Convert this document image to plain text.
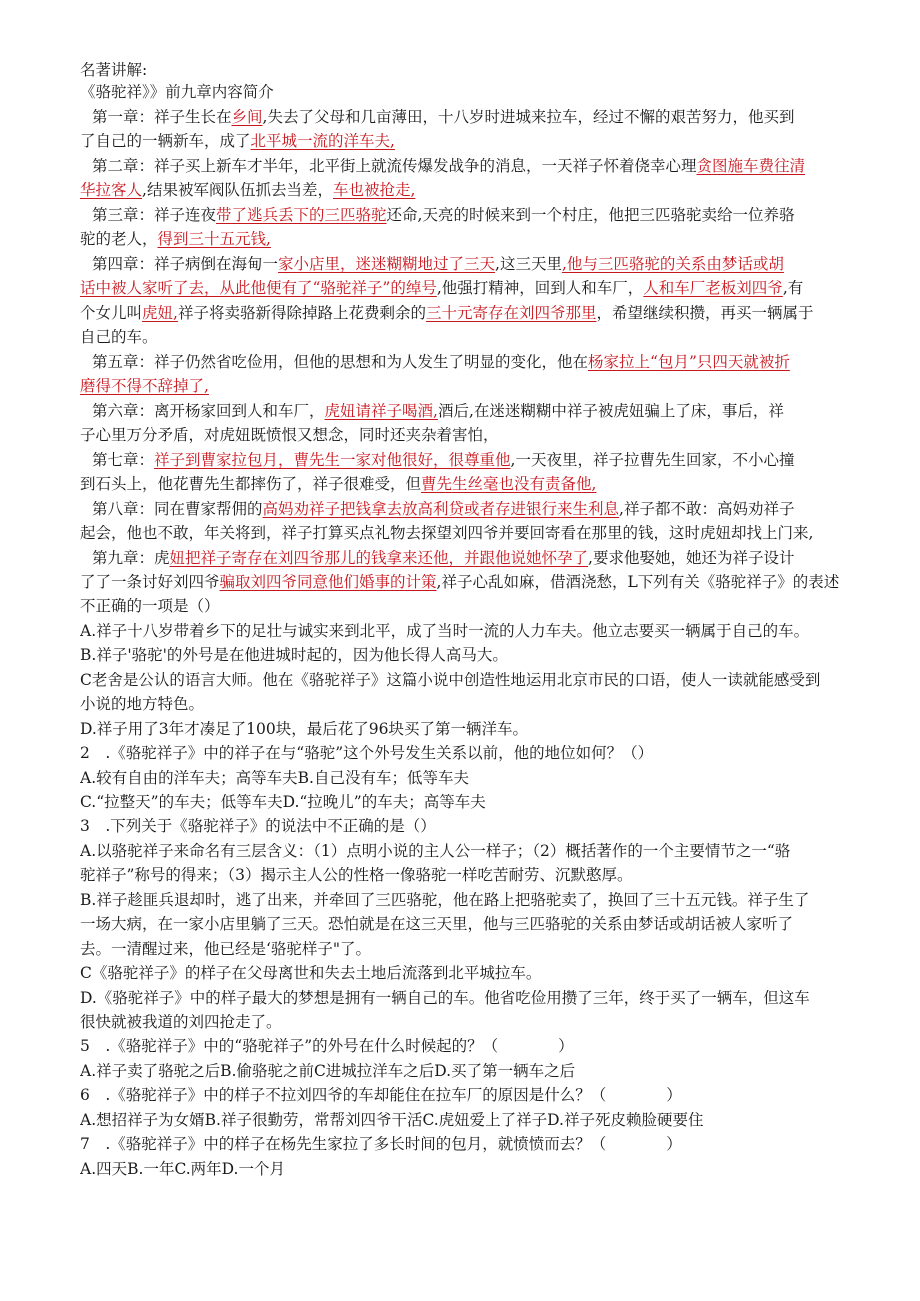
名著讲解:
《骆驼祥》》前九章内容简介
第一章：祥子生长在乡间,失去了父母和几亩薄田，十八岁时进城来拉车，经过不懈的艰苦努力，他买到
了自己的一辆新车，成了北平城一流的洋车夫,
第二章：祥子买上新车才半年，北平街上就流传爆发战争的消息，一天祥子怀着侥幸心理贪图施车费往清
华拉客人,结果被军阀队伍抓去当差，车也被抢走,
第三章：祥子连夜带了逃兵丢下的三匹骆驼还命,天亮的时候来到一个村庄，他把三匹骆驼卖给一位养骆
驼的老人，得到三十五元钱,
第四章：祥子病倒在海甸一家小店里，迷迷糊糊地过了三天,这三天里,他与三匹骆驼的关系由梦话或胡
话中被人家听了去，从此他便有了“骆驼祥子”的绰号,他强打精神，回到人和车厂，人和车厂老板刘四爷,有
个女儿叫虎妞,祥子将卖骆新得除掉路上花费剩余的三十元寄存在刘四爷那里，希望继续积攒，再买一辆属于
自己的车。
第五章：祥子仍然省吃俭用，但他的思想和为人发生了明显的变化，他在杨家拉上“包月”只四天就被折
磨得不得不辞掉了,
第六章：离开杨家回到人和车厂，虎妞请祥子喝酒,酒后,在迷迷糊糊中祥子被虎妞骗上了床，事后，祥
子心里万分矛盾，对虎妞既愤恨又想念，同时还夹杂着害怕，
第七章：祥子到曹家拉包月，曹先生一家对他很好，很尊重他,一天夜里，祥子拉曹先生回家，不小心撞
到石头上，他花曹先生都摔伤了，祥子很难受，但曹先生丝毫也没有责备他,
第八章：同在曹家帮佣的高妈劝祥子把钱拿去放高利贷或者存进银行来生利息,祥子都不敢：高妈劝祥子
起会，他也不敢，年关将到，祥子打算买点礼物去探望刘四爷并要回寄看在那里的钱，这时虎妞却找上门来,
第九章：虎妞把祥子寄存在刘四爷那儿的钱拿来还他，并跟他说她怀孕了,要求他娶她，她还为祥子设计
了了一条讨好刘四爷骗取刘四爷同意他们婚事的计策,祥子心乱如麻，借酒浇愁，L下列有关《骆驼祥子》的表述
不正确的一项是（）
A.祥子十八岁带着乡下的足壮与诚实来到北平，成了当时一流的人力车夫。他立志要买一辆属于自己的车。
B.祥子'骆驼'的外号是在他进城时起的，因为他长得人高马大。
C老舍是公认的语言大师。他在《骆驼祥子》这篇小说中创造性地运用北京市民的口语，使人一读就能感受到
小说的地方特色。
D.祥子用了3年才凑足了100块，最后花了96块买了第一辆洋车。
2　.《骆驼祥子》中的祥子在与“骆驼”这个外号发生关系以前，他的地位如何？（）
A.较有自由的洋车夫；高等车夫B.自己没有车；低等车夫
C.“拉整天”的车夫；低等车夫D.“拉晚儿”的车夫；高等车夫
3　.下列关于《骆驼祥子》的说法中不正确的是（）
A.以骆驼祥子来命名有三层含义：（1）点明小说的主人公一样子；（2）概括著作的一个主要情节之一“骆
驼祥子”称号的得来；（3）揭示主人公的性格一像骆驼一样吃苦耐劳、沉默憨厚。
B.祥子趁匪兵退却时，逃了出来，并牵回了三匹骆驼，他在路上把骆驼卖了，换回了三十五元钱。祥子生了
一场大病，在一家小店里躺了三天。恐怕就是在这三天里，他与三匹骆驼的关系由梦话或胡话被人家听了
去。一清醒过来，他已经是‘骆驼样子"了。
C《骆驼祥子》的样子在父母离世和失去土地后流落到北平城拉车。
D.《骆驼祥子》中的样子最大的梦想是拥有一辆自己的车。他省吃俭用攒了三年，终于买了一辆车，但这车
很快就被我道的刘四抢走了。
5　.《骆驼祥子》中的“骆驼祥子”的外号在什么时候起的？（	）
A.祥子卖了骆驼之后B.偷骆驼之前C进城拉洋车之后D.买了第一辆车之后
6　.《骆驼祥子》中的样子不拉刘四爷的车却能住在拉车厂的原因是什么？（	）
A.想招祥子为女婿B.祥子很勤劳，常帮刘四爷干活C.虎妞爱上了祥子D.祥子死皮赖脸硬要住
7　.《骆驼祥子》中的样子在杨先生家拉了多长时间的包月，就愤愤而去？（	）
A.四天B.一年C.两年D.一个月
